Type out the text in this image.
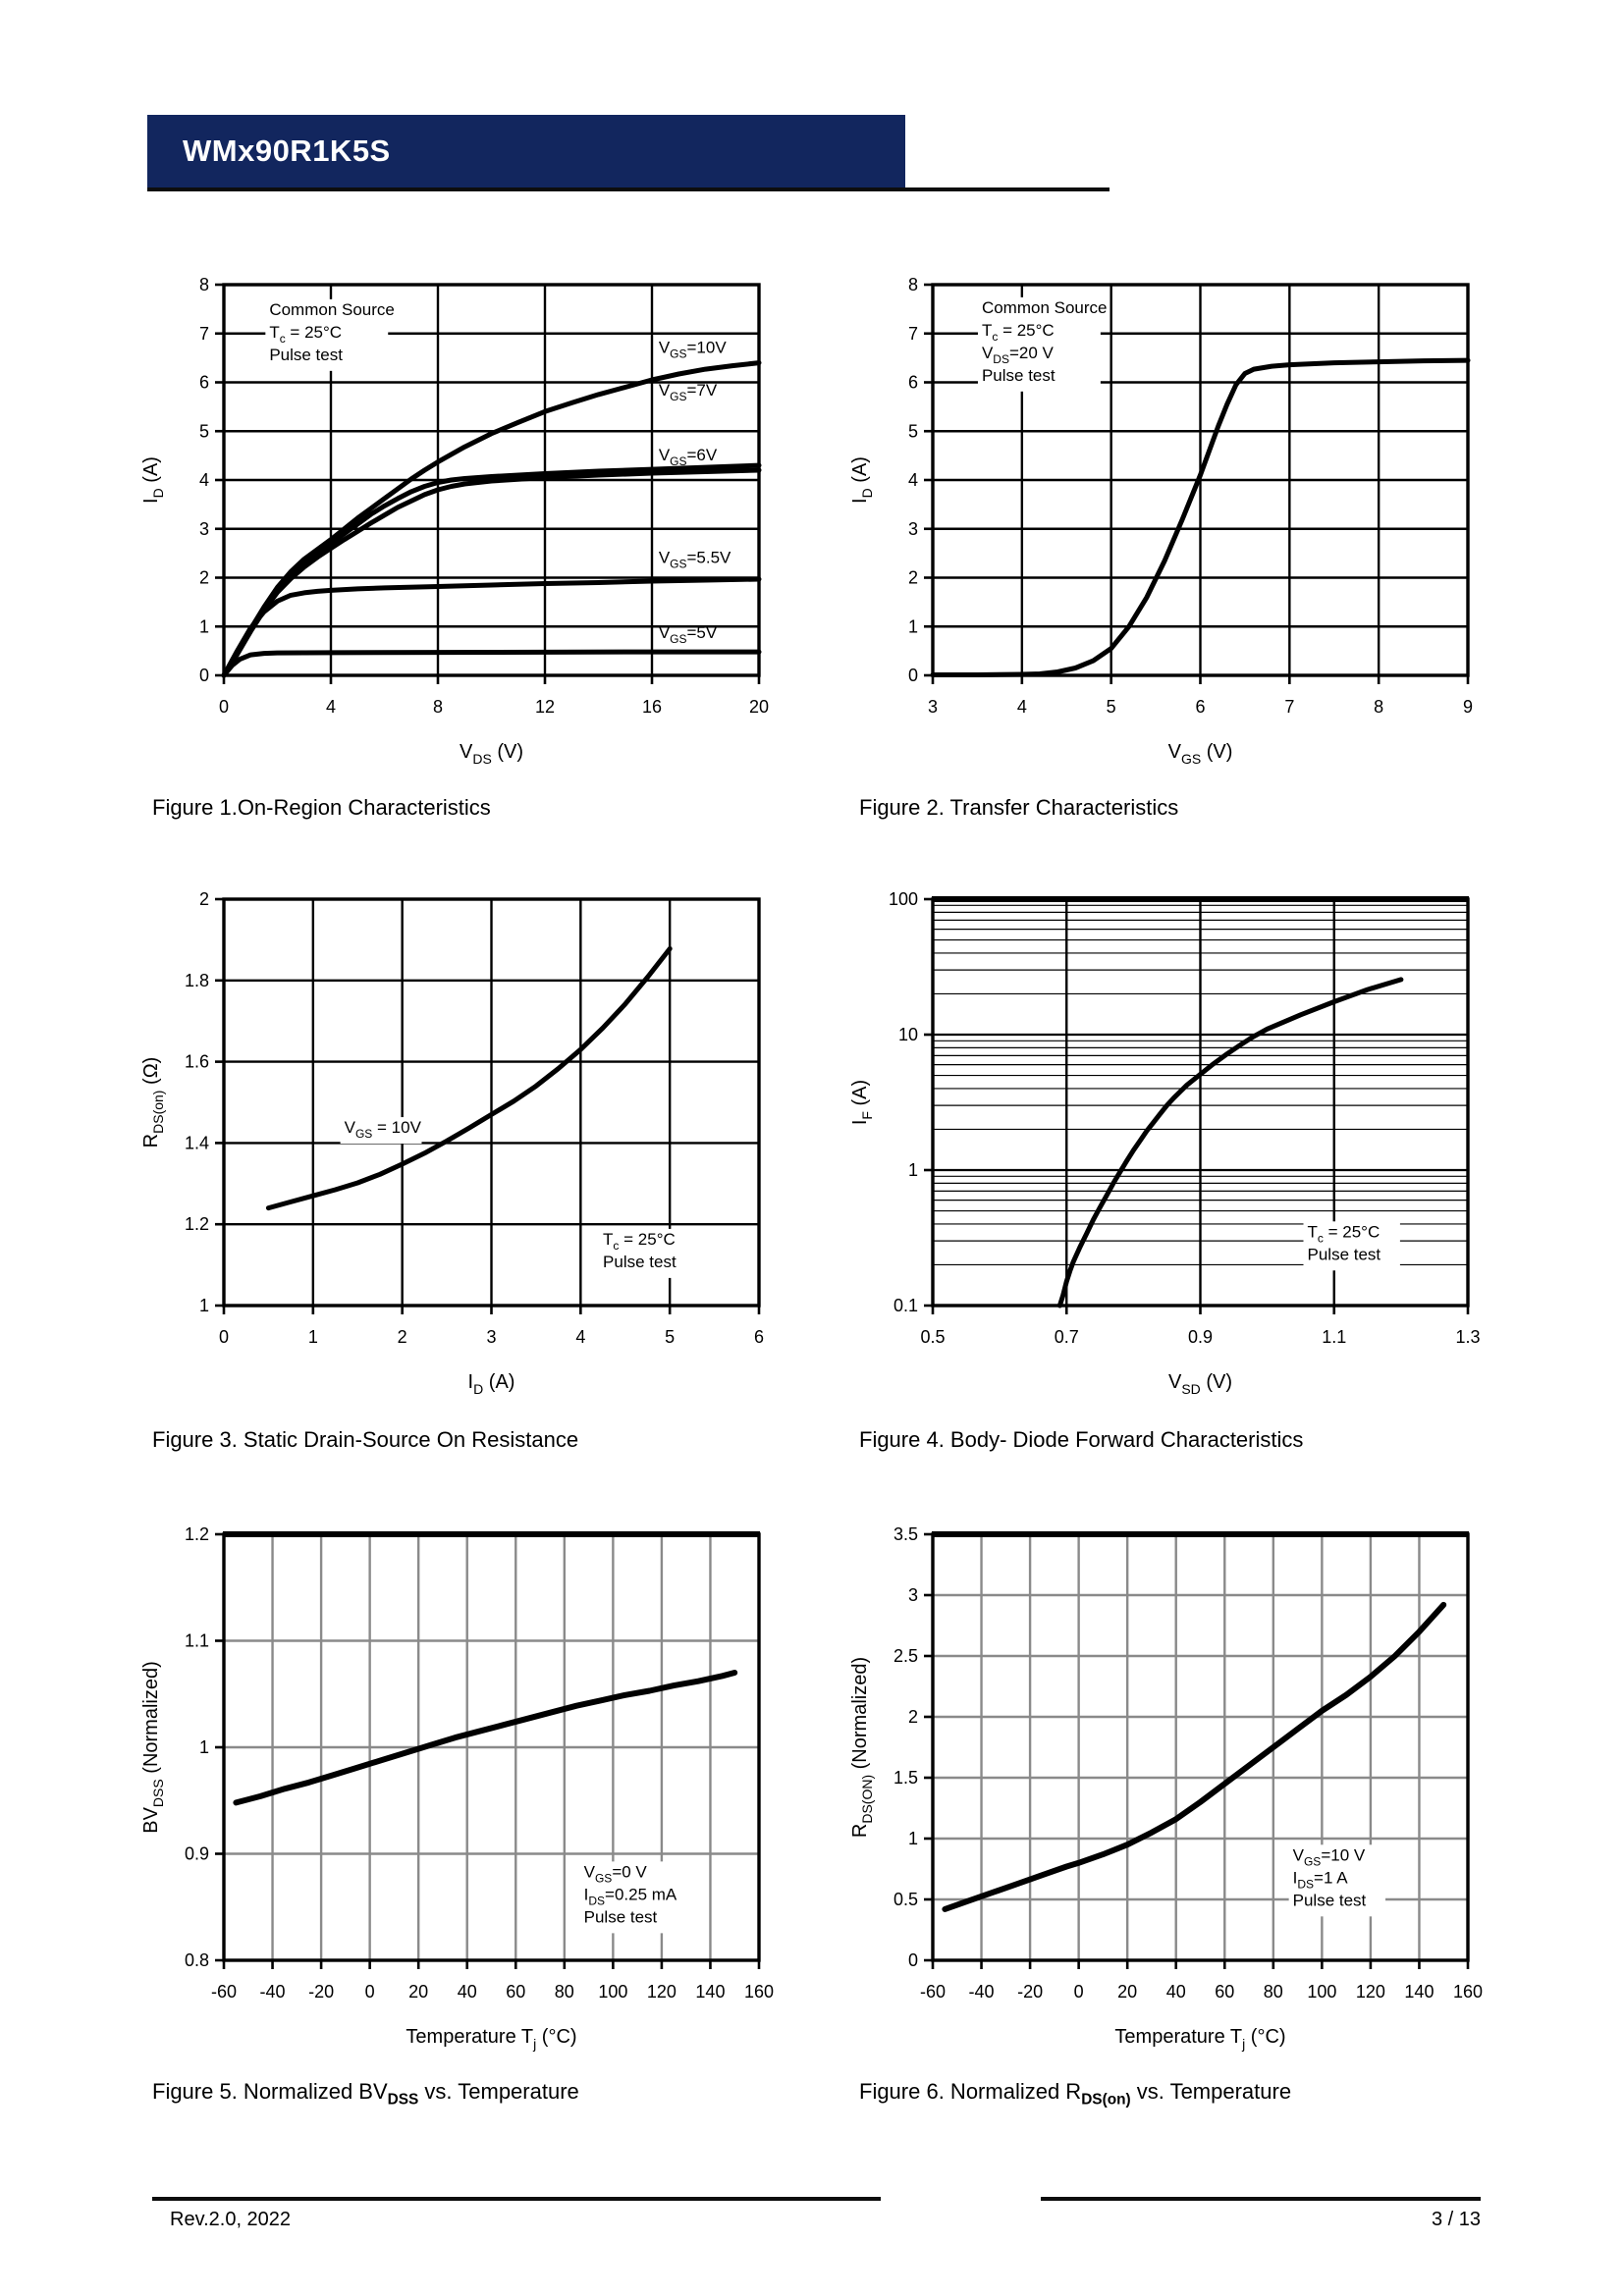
WMx90R1K5S
Common Source
$T_c = 25^\circ C$
Pulse test
0	4	8	12	16	20
0
1
2
3
4
5
6
7
8
$V_{DS}$ (V)
$I_D$ (A)
$V_{GS}=10V$
$V_{GS}=7V$
$V_{GS}=6V$
$V_{GS}=5.5V$
$V_{GS}=5V$
Common Source
$T_c = 25^\circ C$
$V_{DS}=20$ V
Pulse test
3	4	5	6	7	8	9
0
1
2
3
4
5
6
7
8
$V_{GS}$ (V)
$I_D$ (A)
Figure 1.On-Region Characteristics	Figure 2. Transfer Characteristics
$V_{GS} = 10V$
$T_c = 25^\circ C$
Pulse test
0	1	2	3	4	5	6
1
1.2
1.4
1.6
1.8
2
$I_D$ (A)
$R_{DS(on)}$ (Ω)
$T_c = 25^\circ C$
Pulse test
0.5	0.7	0.9	1.1	1.3
0.1
1
10
100
$V_{SD}$ (V)
$I_F$ (A)
Figure 3. Static Drain-Source On Resistance	Figure 4. Body- Diode Forward Characteristics
$V_{GS}=0$ V
$I_{DS}=0.25$ mA
Pulse test
-60 -40 -20 0 20 40 60 80 100 120 140 160
0.8
0.9
1
1.1
1.2
Temperature $T_j$ (°C)
$BV_{DSS}$ (Normalized)
$V_{GS}=10$ V
$I_{DS}=1$ A
Pulse test
-60 -40 -20 0 20 40 60 80 100 120 140 160
0
0.5
1
1.5
2
2.5
3
3.5
Temperature $T_j$ (°C)
$R_{DS(ON)}$ (Normalized)
Figure 5. Normalized $BV_{DSS}$ vs. Temperature	Figure 6. Normalized $R_{DS(on)}$ vs. Temperature
Rev.2.0, 2022	3 / 13
